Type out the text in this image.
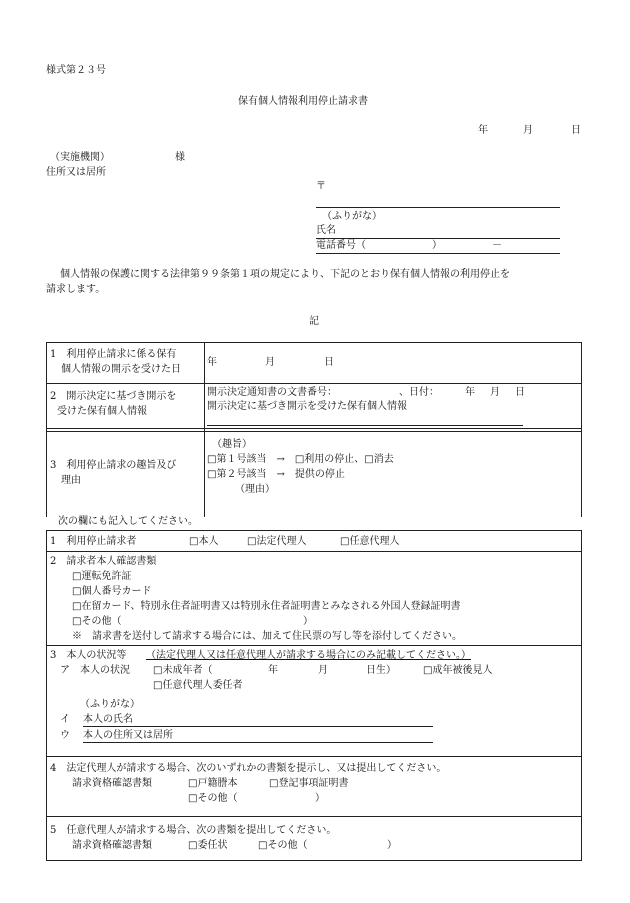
様式第２３号
保有個人情報利用停止請求書
年	月	日
（実施機関）	様
住所又は居所
〒
（ふりがな）
氏名
電話番号（	）	－
個人情報の保護に関する法律第９９条第１項の規定により、下記のとおり保有個人情報の利用停止を
請求します。
記
1　利用停止請求に係る保有
個人情報の開示を受けた日
年	月	日
2　開示決定に基づき開示を
受けた保有個人情報
開示決定通知書の文書番号：	、日付：	年 月 日
開示決定に基づき開示を受けた保有個人情報
3　利用停止請求の趣旨及び
理由
（趣旨）
□第１号該当　→　□利用の停止、□消去
□第２号該当　→　提供の停止
（理由）
次の欄にも記入してください。
1　利用停止請求者	□本人	□法定代理人	□任意代理人
2　請求者本人確認書類
□運転免許証
□個人番号カード
□在留カード、特別永住者証明書又は特別永住者証明書とみなされる外国人登録証明書
□その他（	）
※　請求書を送付して請求する場合には、加えて住民票の写し等を添付してください。
3　本人の状況等 （法定代理人又は任意代理人が請求する場合にのみ記載してください。）
ア　本人の状況 □未成年者（	年	月	日生）	□成年被後見人
□任意代理人委任者
（ふりがな）
イ 本人の氏名
ウ 本人の住所又は居所
4　法定代理人が請求する場合、次のいずれかの書類を提示し、又は提出してください。
請求資格確認書類	□戸籍謄本	□登記事項証明書
□その他（	）
5　任意代理人が請求する場合、次の書類を提出してください。
請求資格確認書類	□委任状	□その他（	）
